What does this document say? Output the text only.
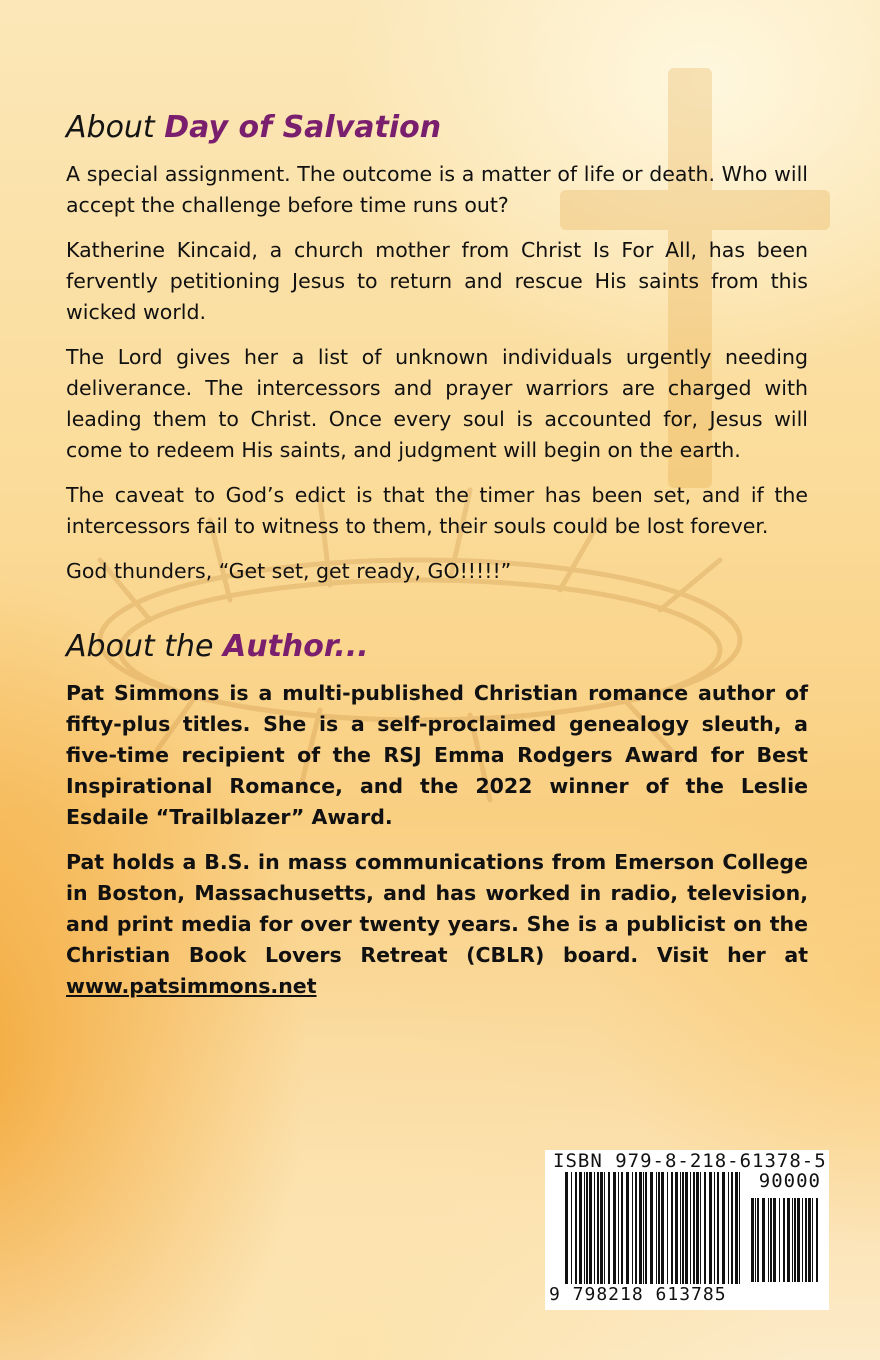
About Day of Salvation

A special assignment. The outcome is a matter of life or death. Who will accept the challenge before time runs out?

Katherine Kincaid, a church mother from Christ Is For All, has been fervently petitioning Jesus to return and rescue His saints from this wicked world.

The Lord gives her a list of unknown individuals urgently needing deliverance. The intercessors and prayer warriors are charged with leading them to Christ. Once every soul is accounted for, Jesus will come to redeem His saints, and judgment will begin on the earth.

The caveat to God’s edict is that the timer has been set, and if the intercessors fail to witness to them, their souls could be lost forever.

God thunders, “Get set, get ready, GO!!!!!”

About the Author...

Pat Simmons is a multi-published Christian romance author of fifty-plus titles. She is a self-proclaimed genealogy sleuth, a five-time recipient of the RSJ Emma Rodgers Award for Best Inspirational Romance, and the 2022 winner of the Leslie Esdaile “Trailblazer” Award.

Pat holds a B.S. in mass communications from Emerson College in Boston, Massachusetts, and has worked in radio, television, and print media for over twenty years. She is a publicist on the Christian Book Lovers Retreat (CBLR) board. Visit her at www.patsimmons.net

ISBN 979-8-218-61378-5
90000
9 798218 613785
